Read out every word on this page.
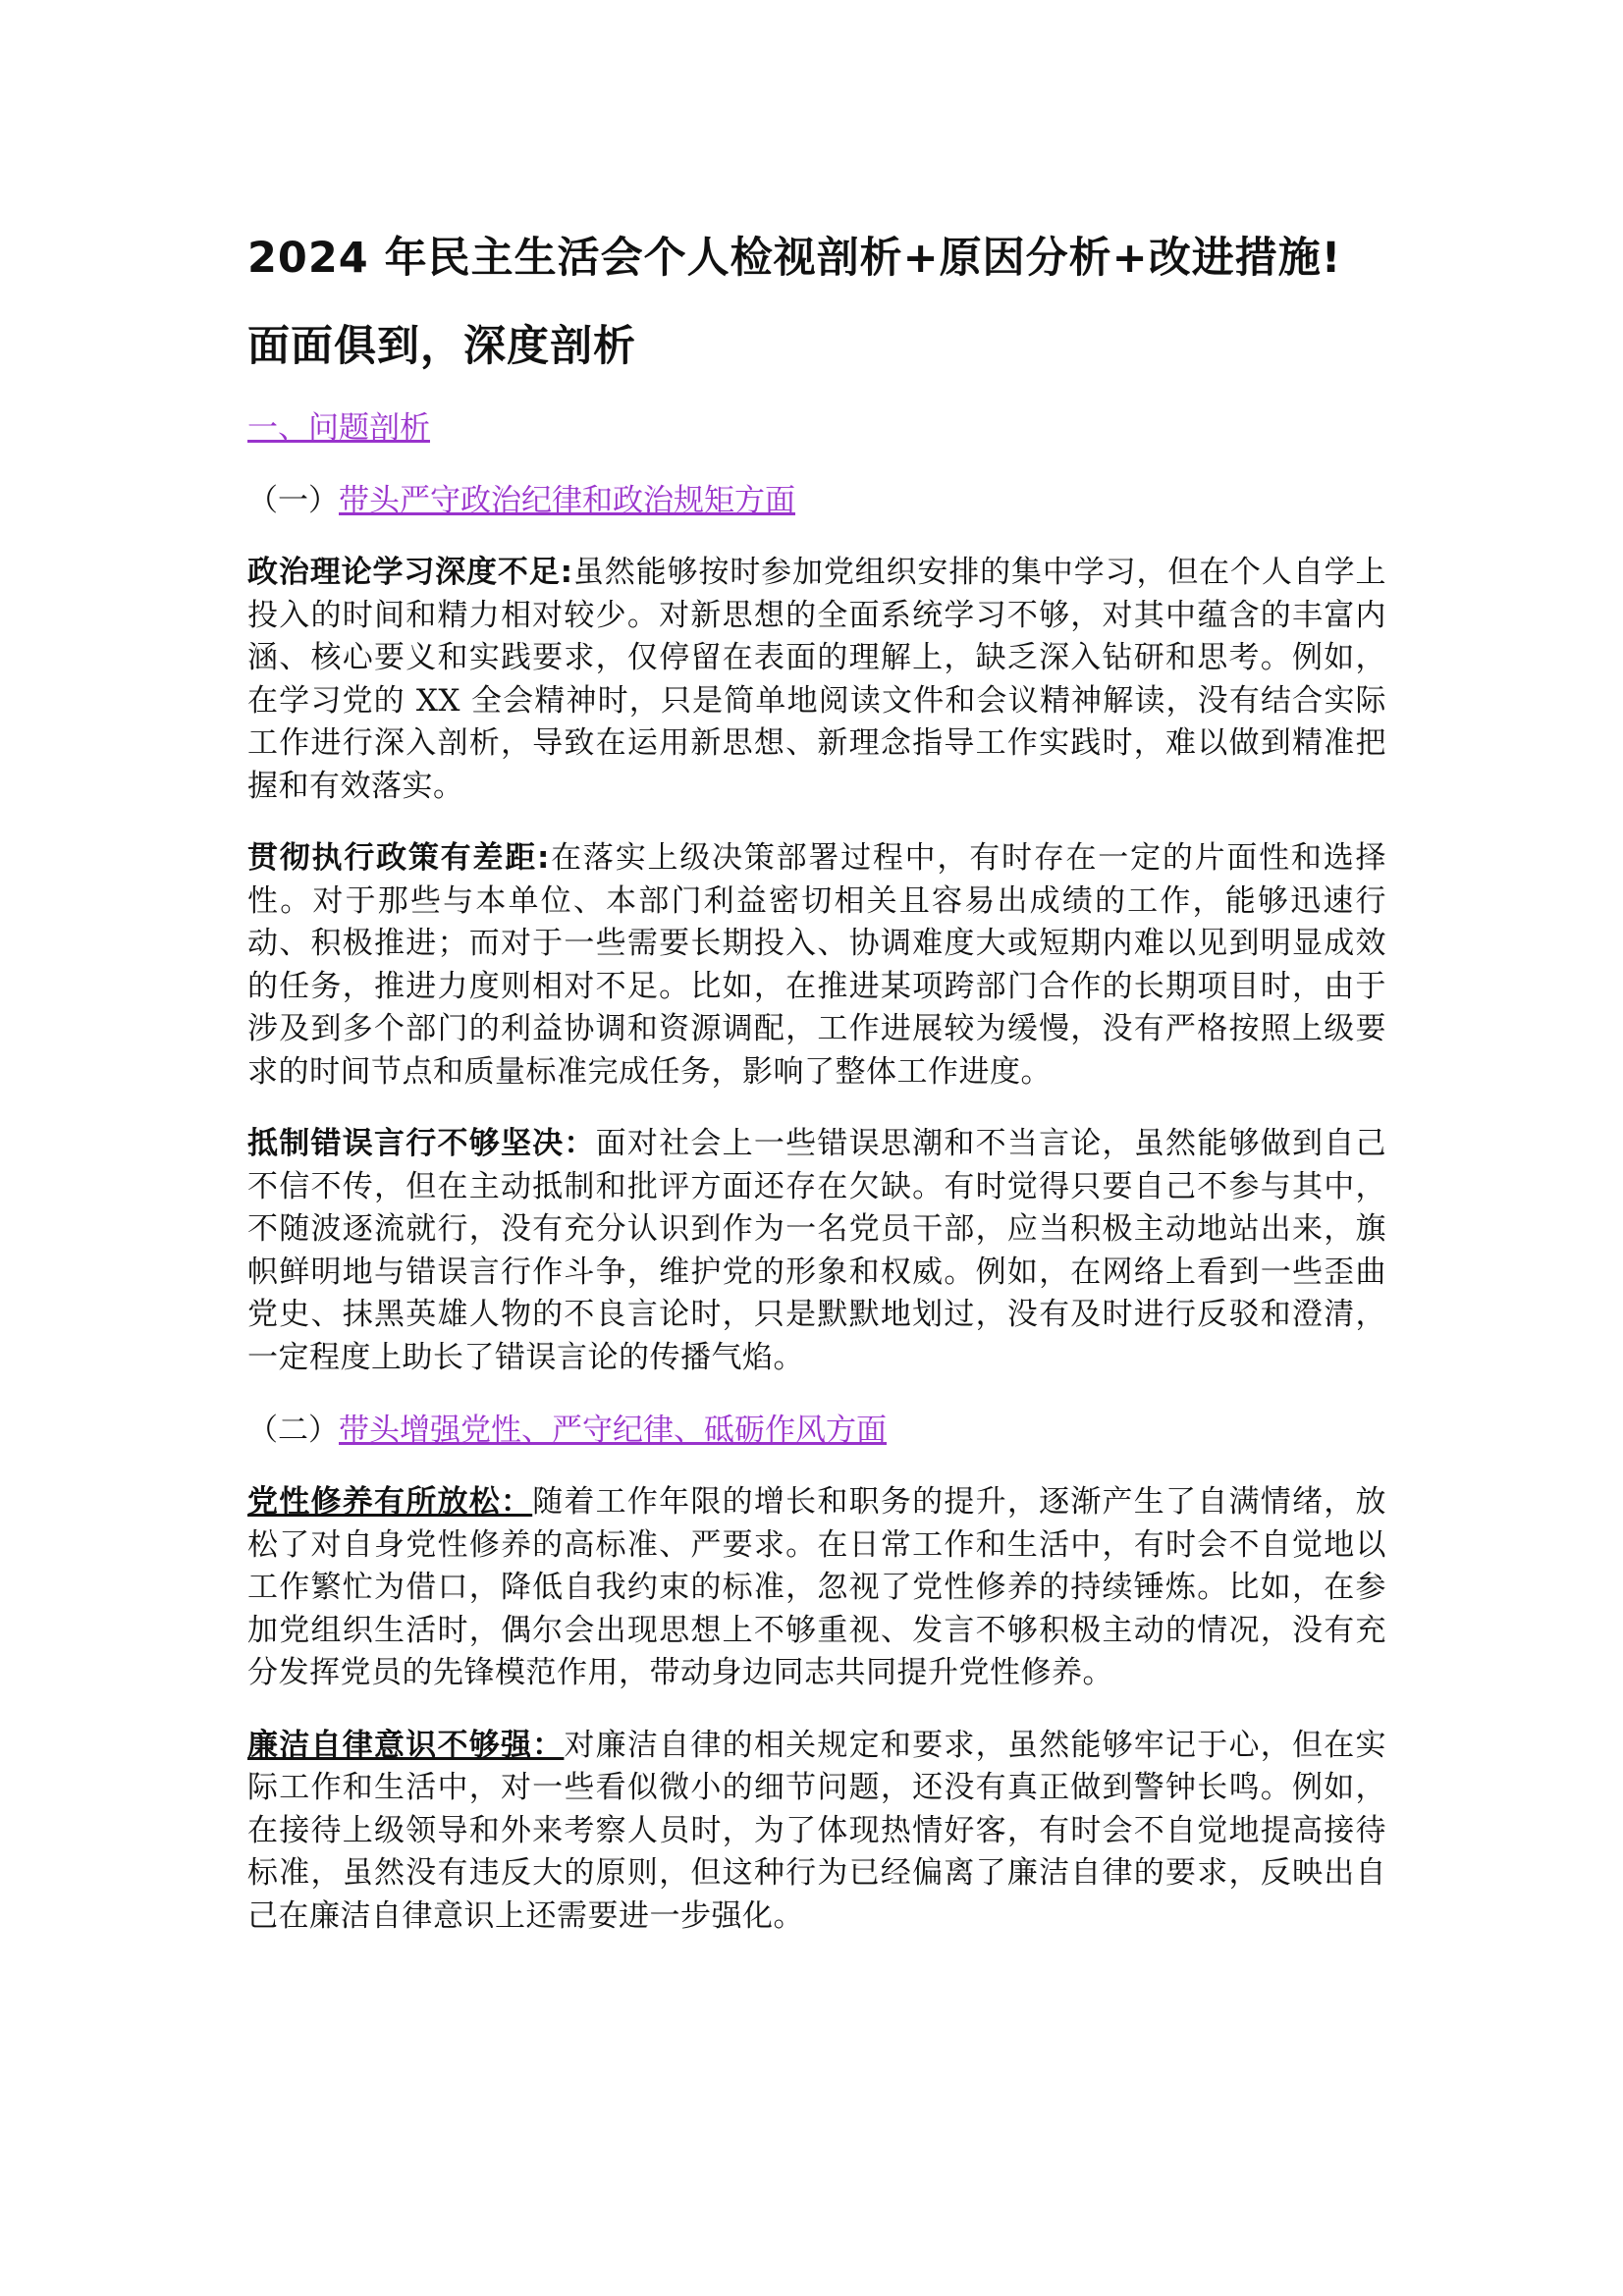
2024 年民主生活会个人检视剖析+原因分析+改进措施!
面面俱到，深度剖析
一、问题剖析
（一）带头严守政治纪律和政治规矩方面

政治理论学习深度不足:虽然能够按时参加党组织安排的集中学习，但在个人自学上投入的时间和精力相对较少。对新思想的全面系统学习不够，对其中蕴含的丰富内涵、核心要义和实践要求，仅停留在表面的理解上，缺乏深入钻研和思考。例如，在学习党的 XX 全会精神时，只是简单地阅读文件和会议精神解读，没有结合实际工作进行深入剖析，导致在运用新思想、新理念指导工作实践时，难以做到精准把握和有效落实。

贯彻执行政策有差距:在落实上级决策部署过程中，有时存在一定的片面性和选择性。对于那些与本单位、本部门利益密切相关且容易出成绩的工作，能够迅速行动、积极推进；而对于一些需要长期投入、协调难度大或短期内难以见到明显成效的任务，推进力度则相对不足。比如，在推进某项跨部门合作的长期项目时，由于涉及到多个部门的利益协调和资源调配，工作进展较为缓慢，没有严格按照上级要求的时间节点和质量标准完成任务，影响了整体工作进度。

抵制错误言行不够坚决：面对社会上一些错误思潮和不当言论，虽然能够做到自己不信不传，但在主动抵制和批评方面还存在欠缺。有时觉得只要自己不参与其中，不随波逐流就行，没有充分认识到作为一名党员干部，应当积极主动地站出来，旗帜鲜明地与错误言行作斗争，维护党的形象和权威。例如，在网络上看到一些歪曲党史、抹黑英雄人物的不良言论时，只是默默地划过，没有及时进行反驳和澄清，一定程度上助长了错误言论的传播气焰。

（二）带头增强党性、严守纪律、砥砺作风方面

党性修养有所放松：随着工作年限的增长和职务的提升，逐渐产生了自满情绪，放松了对自身党性修养的高标准、严要求。在日常工作和生活中，有时会不自觉地以工作繁忙为借口，降低自我约束的标准，忽视了党性修养的持续锤炼。比如，在参加党组织生活时，偶尔会出现思想上不够重视、发言不够积极主动的情况，没有充分发挥党员的先锋模范作用，带动身边同志共同提升党性修养。

廉洁自律意识不够强：对廉洁自律的相关规定和要求，虽然能够牢记于心，但在实际工作和生活中，对一些看似微小的细节问题，还没有真正做到警钟长鸣。例如，在接待上级领导和外来考察人员时，为了体现热情好客，有时会不自觉地提高接待标准，虽然没有违反大的原则，但这种行为已经偏离了廉洁自律的要求，反映出自己在廉洁自律意识上还需要进一步强化。
